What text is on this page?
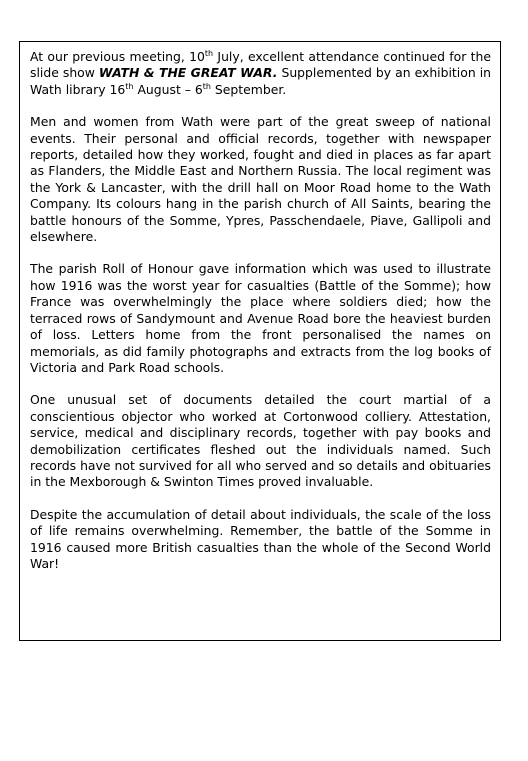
At our previous meeting, 10th July, excellent attendance continued for the slide show WATH & THE GREAT WAR. Supplemented by an exhibition in Wath library 16th August – 6th September.

Men and women from Wath were part of the great sweep of national events. Their personal and official records, together with newspaper reports, detailed how they worked, fought and died in places as far apart as Flanders, the Middle East and Northern Russia. The local regiment was the York & Lancaster, with the drill hall on Moor Road home to the Wath Company. Its colours hang in the parish church of All Saints, bearing the battle honours of the Somme, Ypres, Passchendaele, Piave, Gallipoli and elsewhere.

The parish Roll of Honour gave information which was used to illustrate how 1916 was the worst year for casualties (Battle of the Somme); how France was overwhelmingly the place where soldiers died; how the terraced rows of Sandymount and Avenue Road bore the heaviest burden of loss. Letters home from the front personalised the names on memorials, as did family photographs and extracts from the log books of Victoria and Park Road schools.

One unusual set of documents detailed the court martial of a conscientious objector who worked at Cortonwood colliery. Attestation, service, medical and disciplinary records, together with pay books and demobilization certificates fleshed out the individuals named. Such records have not survived for all who served and so details and obituaries in the Mexborough & Swinton Times proved invaluable.

Despite the accumulation of detail about individuals, the scale of the loss of life remains overwhelming. Remember, the battle of the Somme in 1916 caused more British casualties than the whole of the Second World War!
